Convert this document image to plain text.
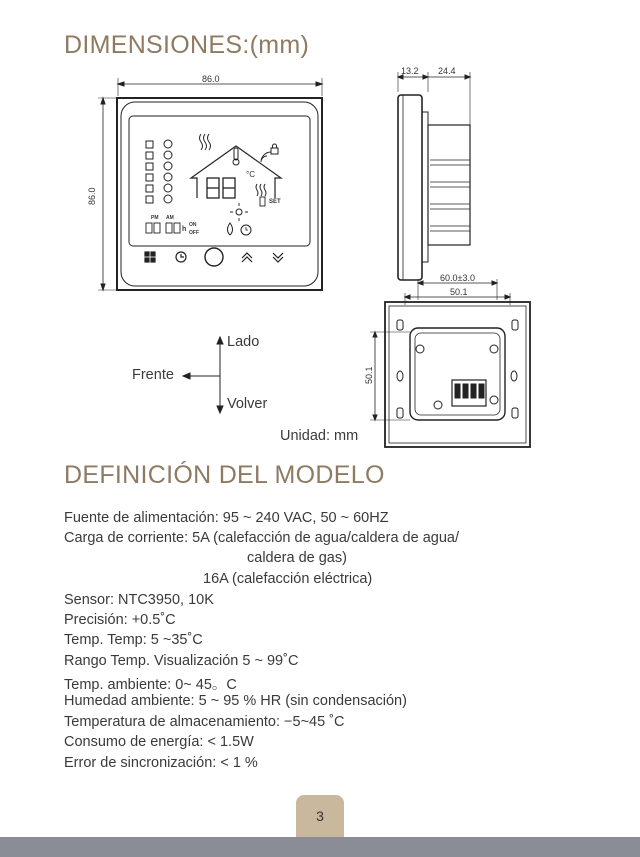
DIMENSIONES:(mm)
86.0
86.0
13.2 24.4
60.0±3.0
50.1
50.1
°C
SET
PM AM
h
ON
OFF
Lado
Frente
Volver
Unidad: mm
DEFINICIÓN DEL MODELO
Fuente de alimentación: 95 ~ 240 VAC, 50 ~ 60HZ
Carga de corriente: 5A (calefacción de agua/caldera de agua/
caldera de gas)
16A (calefacción eléctrica)
Sensor: NTC3950, 10K
Precisión: +0.5˚C
Temp. Temp: 5 ~35˚C
Rango Temp. Visualización 5 ~ 99˚C
Temp. ambiente: 0~ 45。C
Humedad ambiente: 5 ~ 95 % HR (sin condensación)
Temperatura de almacenamiento: −5~45 ˚C
Consumo de energía: < 1.5W
Error de sincronización: < 1 %
3
